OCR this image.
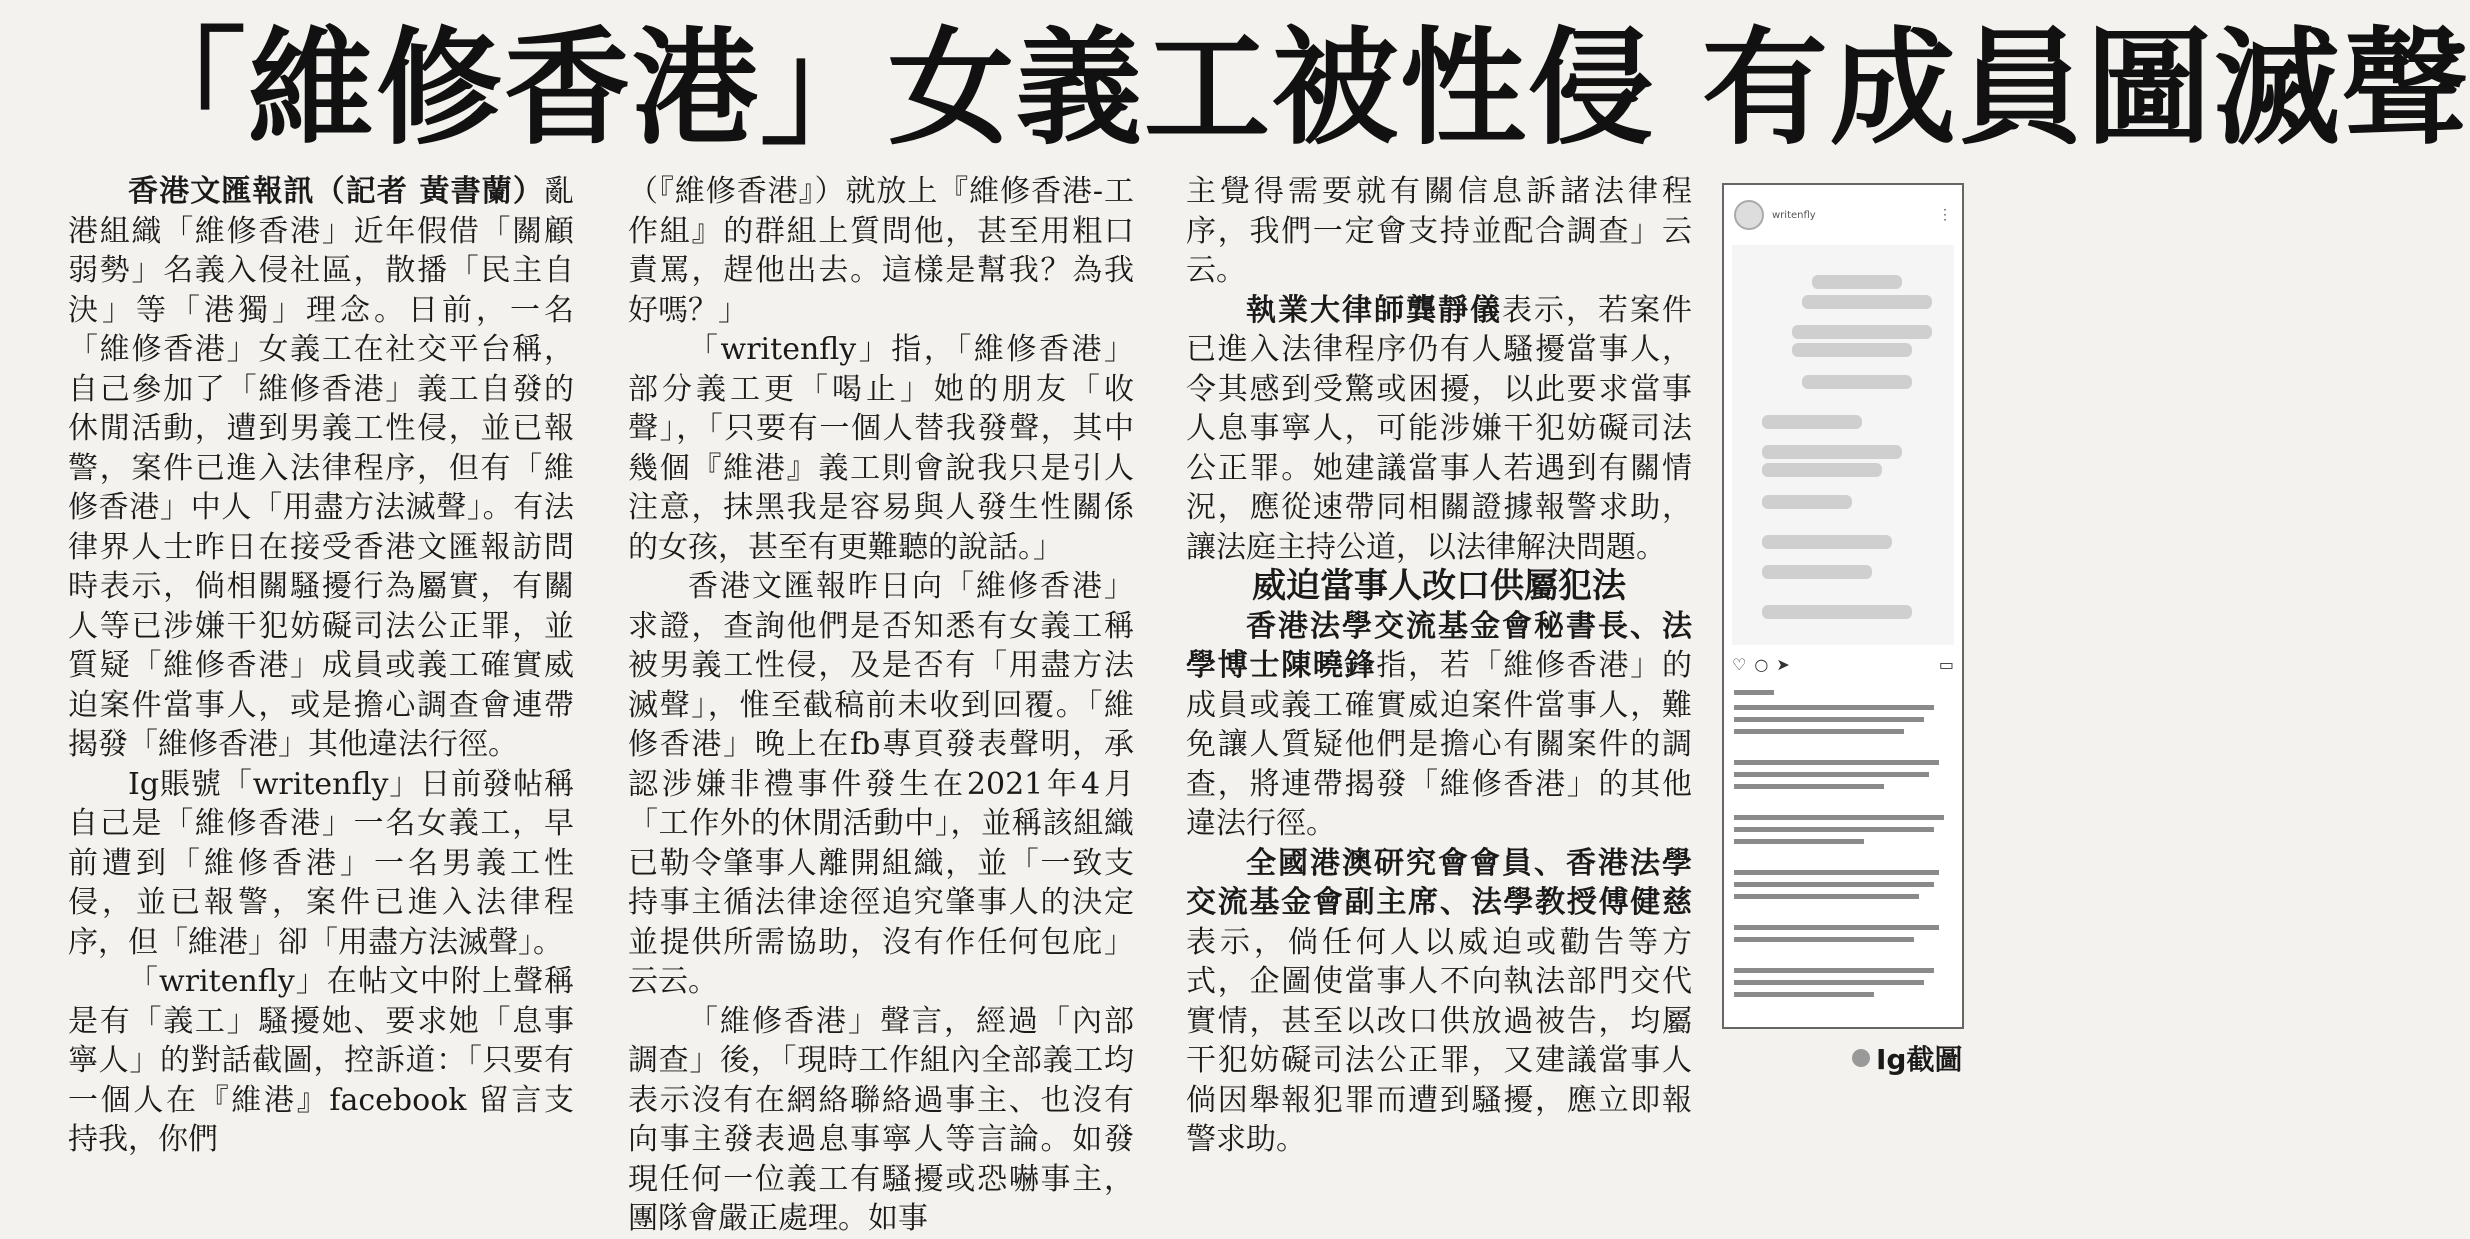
「維修香港」女義工被性侵 有成員圖滅聲

香港文匯報訊（記者 黃書蘭）亂港組織「維修香港」近年假借「關顧弱勢」名義入侵社區，散播「民主自決」等「港獨」理念。日前，一名「維修香港」女義工在社交平台稱，自己參加了「維修香港」義工自發的休閒活動，遭到男義工性侵，並已報警，案件已進入法律程序，但有「維修香港」中人「用盡方法滅聲」。有法律界人士昨日在接受香港文匯報訪問時表示，倘相關騷擾行為屬實，有關人等已涉嫌干犯妨礙司法公正罪，並質疑「維修香港」成員或義工確實威迫案件當事人，或是擔心調查會連帶揭發「維修香港」其他違法行徑。

Ig賬號「writenfly」日前發帖稱自己是「維修香港」一名女義工，早前遭到「維修香港」一名男義工性侵，並已報警，案件已進入法律程序，但「維港」卻「用盡方法滅聲」。

「writenfly」在帖文中附上聲稱是有「義工」騷擾她、要求她「息事寧人」的對話截圖，控訴道：「只要有一個人在『維港』facebook 留言支持我，你們

（『維修香港』）就放上『維修香港-工作組』的群組上質問他，甚至用粗口責罵，趕他出去。這樣是幫我？為我好嗎？」

「writenfly」指，「維修香港」部分義工更「喝止」她的朋友「收聲」，「只要有一個人替我發聲，其中幾個『維港』義工則會說我只是引人注意，抹黑我是容易與人發生性關係的女孩，甚至有更難聽的說話。」

香港文匯報昨日向「維修香港」求證，查詢他們是否知悉有女義工稱被男義工性侵，及是否有「用盡方法滅聲」，惟至截稿前未收到回覆。「維修香港」晚上在fb專頁發表聲明，承認涉嫌非禮事件發生在2021年4月「工作外的休閒活動中」，並稱該組織已勒令肇事人離開組織，並「一致支持事主循法律途徑追究肇事人的決定並提供所需協助，沒有作任何包庇」云云。

「維修香港」聲言，經過「內部調查」後，「現時工作組內全部義工均表示沒有在網絡聯絡過事主、也沒有向事主發表過息事寧人等言論。如發現任何一位義工有騷擾或恐嚇事主，團隊會嚴正處理。如事

主覺得需要就有關信息訴諸法律程序，我們一定會支持並配合調查」云云。

執業大律師龔靜儀表示，若案件已進入法律程序仍有人騷擾當事人，令其感到受驚或困擾，以此要求當事人息事寧人，可能涉嫌干犯妨礙司法公正罪。她建議當事人若遇到有關情況，應從速帶同相關證據報警求助，讓法庭主持公道，以法律解決問題。

威迫當事人改口供屬犯法

香港法學交流基金會秘書長、法學博士陳曉鋒指，若「維修香港」的成員或義工確實威迫案件當事人，難免讓人質疑他們是擔心有關案件的調查，將連帶揭發「維修香港」的其他違法行徑。

全國港澳研究會會員、香港法學交流基金會副主席、法學教授傅健慈表示，倘任何人以威迫或勸告等方式，企圖使當事人不向執法部門交代實情，甚至以改口供放過被告，均屬干犯妨礙司法公正罪，又建議當事人倘因舉報犯罪而遭到騷擾，應立即報警求助。

writenfly	⋮
♡ ○ ➤	▭
Ig截圖
